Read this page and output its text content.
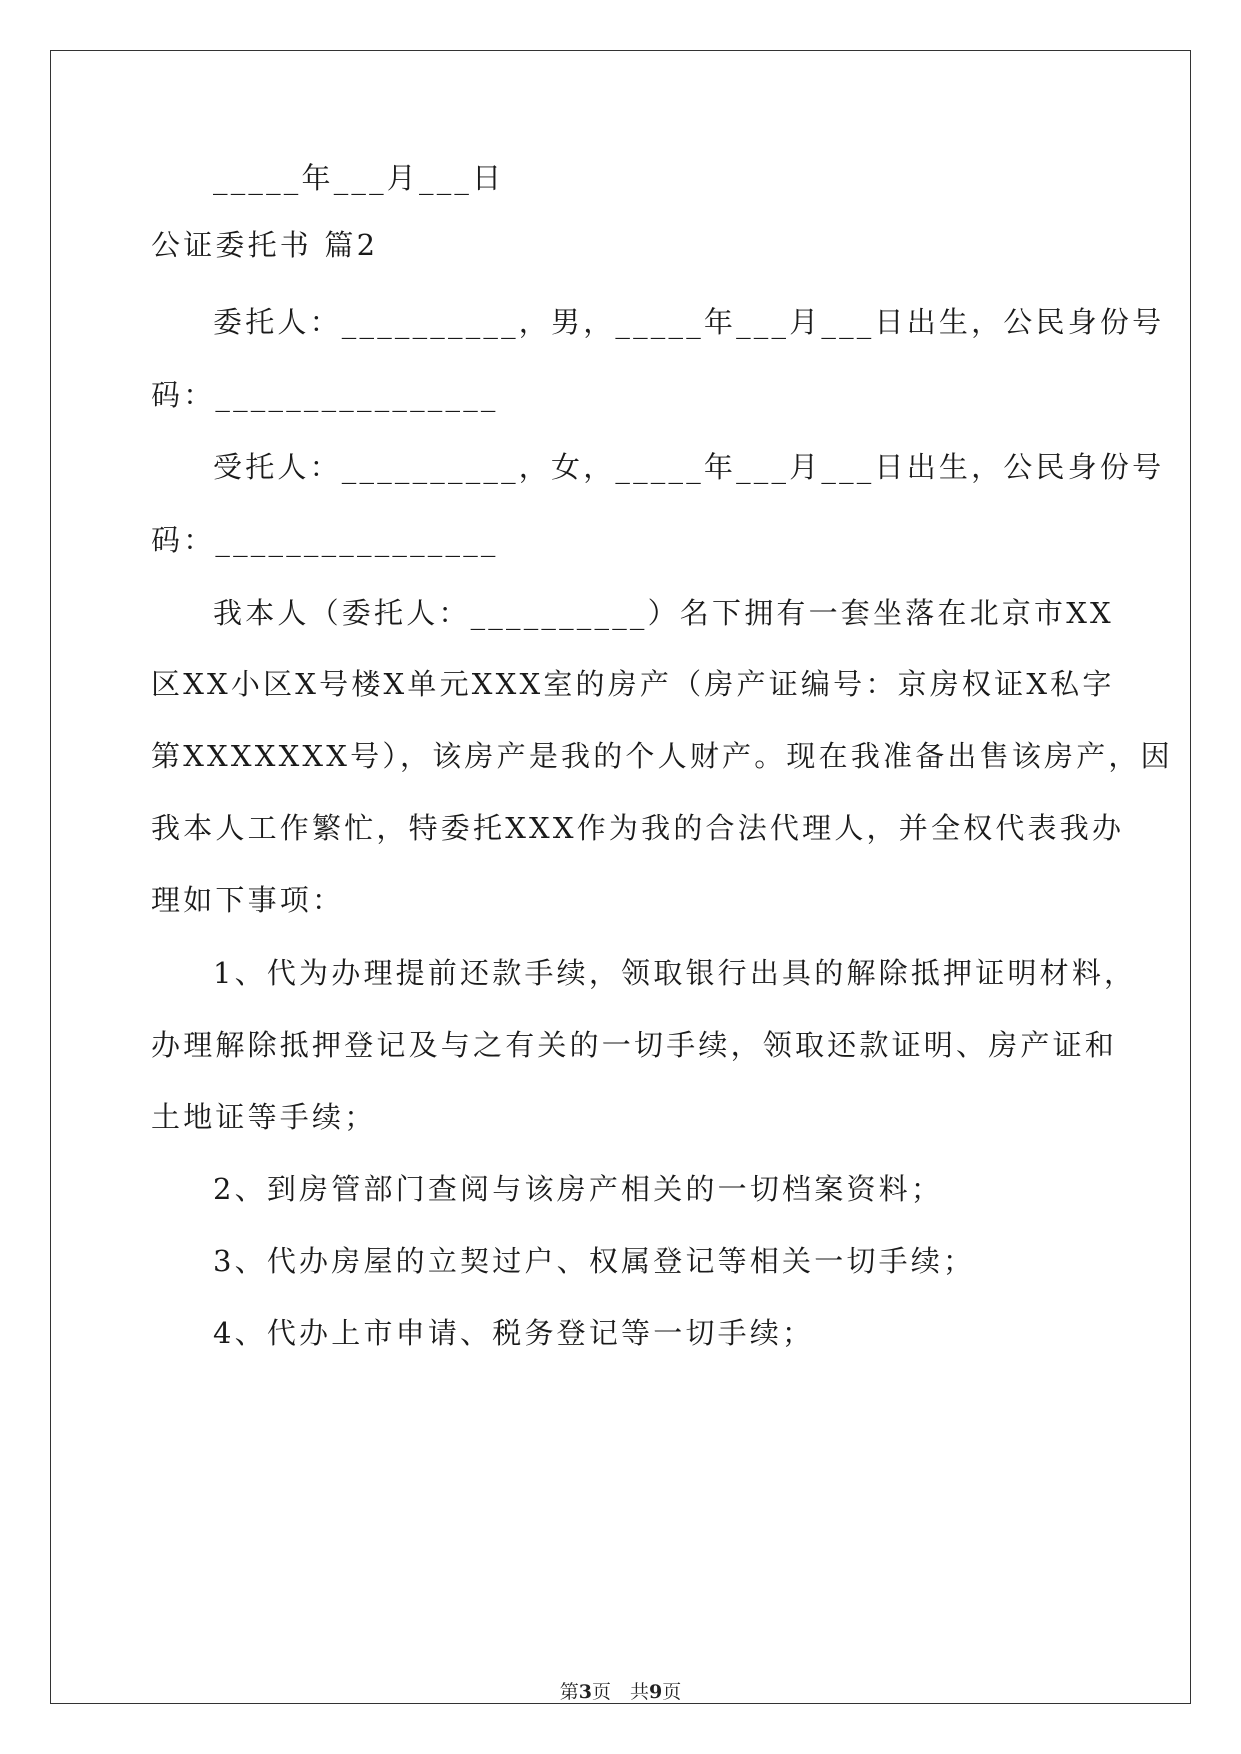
_____年___月___日
公证委托书 篇2
委托人：__________，男，_____年___月___日出生，公民身份号
码：________________
受托人：__________，女，_____年___月___日出生，公民身份号
码：________________
我本人（委托人：__________）名下拥有一套坐落在北京市XX
区XX小区X号楼X单元XXX室的房产（房产证编号：京房权证X私字
第XXXXXXX号），该房产是我的个人财产。现在我准备出售该房产，因
我本人工作繁忙，特委托XXX作为我的合法代理人，并全权代表我办
理如下事项：
1、代为办理提前还款手续，领取银行出具的解除抵押证明材料，
办理解除抵押登记及与之有关的一切手续，领取还款证明、房产证和
土地证等手续；
2、到房管部门查阅与该房产相关的一切档案资料；
3、代办房屋的立契过户、权属登记等相关一切手续；
4、代办上市申请、税务登记等一切手续；
第3页　共9页
